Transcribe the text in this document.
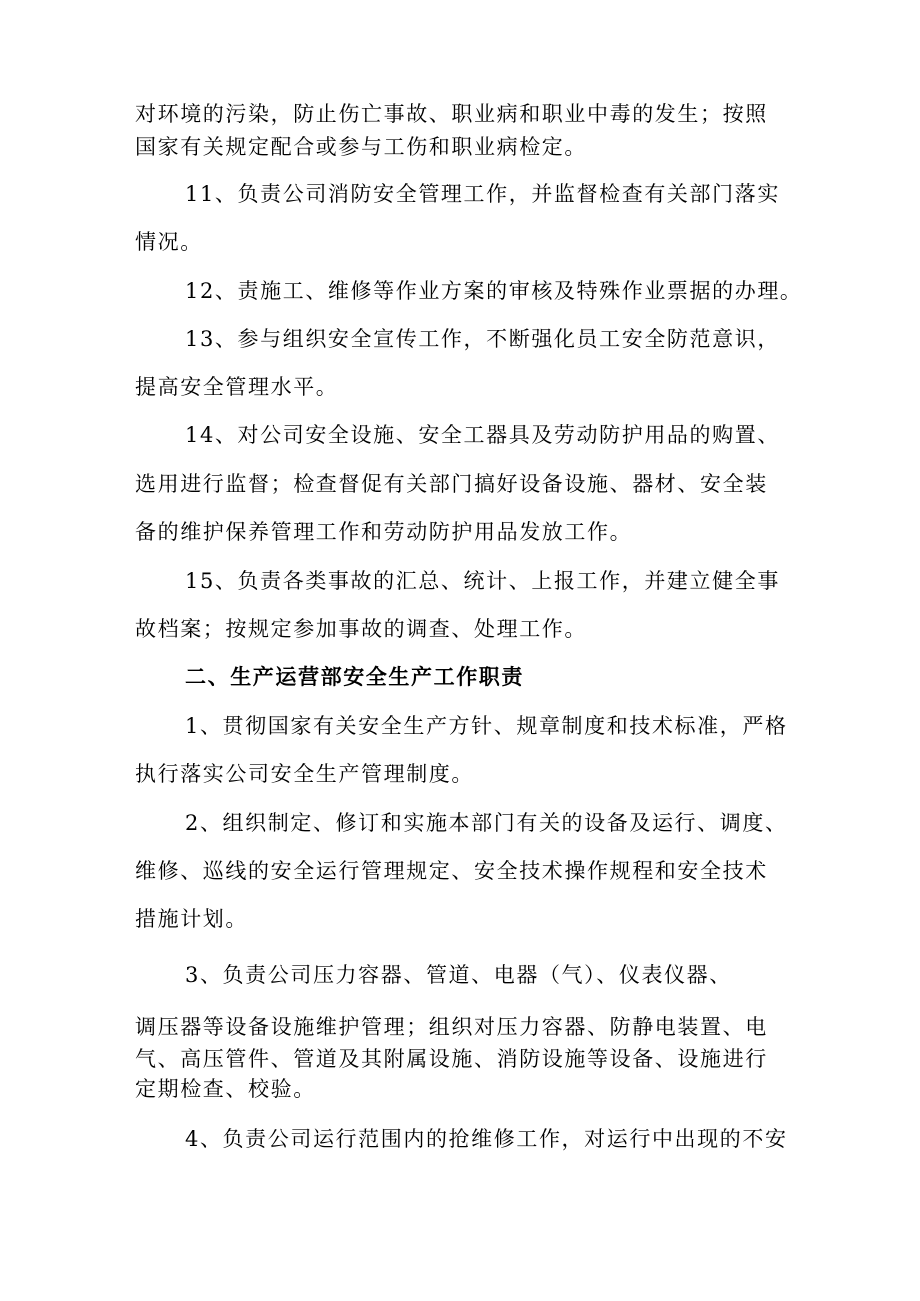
对环境的污染，防止伤亡事故、职业病和职业中毒的发生；按照
国家有关规定配合或参与工伤和职业病检定。
11、负责公司消防安全管理工作，并监督检查有关部门落实
情况。
12、责施工、维修等作业方案的审核及特殊作业票据的办理。
13、参与组织安全宣传工作，不断强化员工安全防范意识，
提高安全管理水平。
14、对公司安全设施、安全工器具及劳动防护用品的购置、
选用进行监督；检查督促有关部门搞好设备设施、器材、安全装
备的维护保养管理工作和劳动防护用品发放工作。
15、负责各类事故的汇总、统计、上报工作，并建立健全事
故档案；按规定参加事故的调查、处理工作。
二、生产运营部安全生产工作职责
1、贯彻国家有关安全生产方针、规章制度和技术标准，严格
执行落实公司安全生产管理制度。
2、组织制定、修订和实施本部门有关的设备及运行、调度、
维修、巡线的安全运行管理规定、安全技术操作规程和安全技术
措施计划。
3、负责公司压力容器、管道、电器（气）、仪表仪器、
调压器等设备设施维护管理；组织对压力容器、防静电装置、电
气、高压管件、管道及其附属设施、消防设施等设备、设施进行
定期检查、校验。
4、负责公司运行范围内的抢维修工作，对运行中出现的不安
